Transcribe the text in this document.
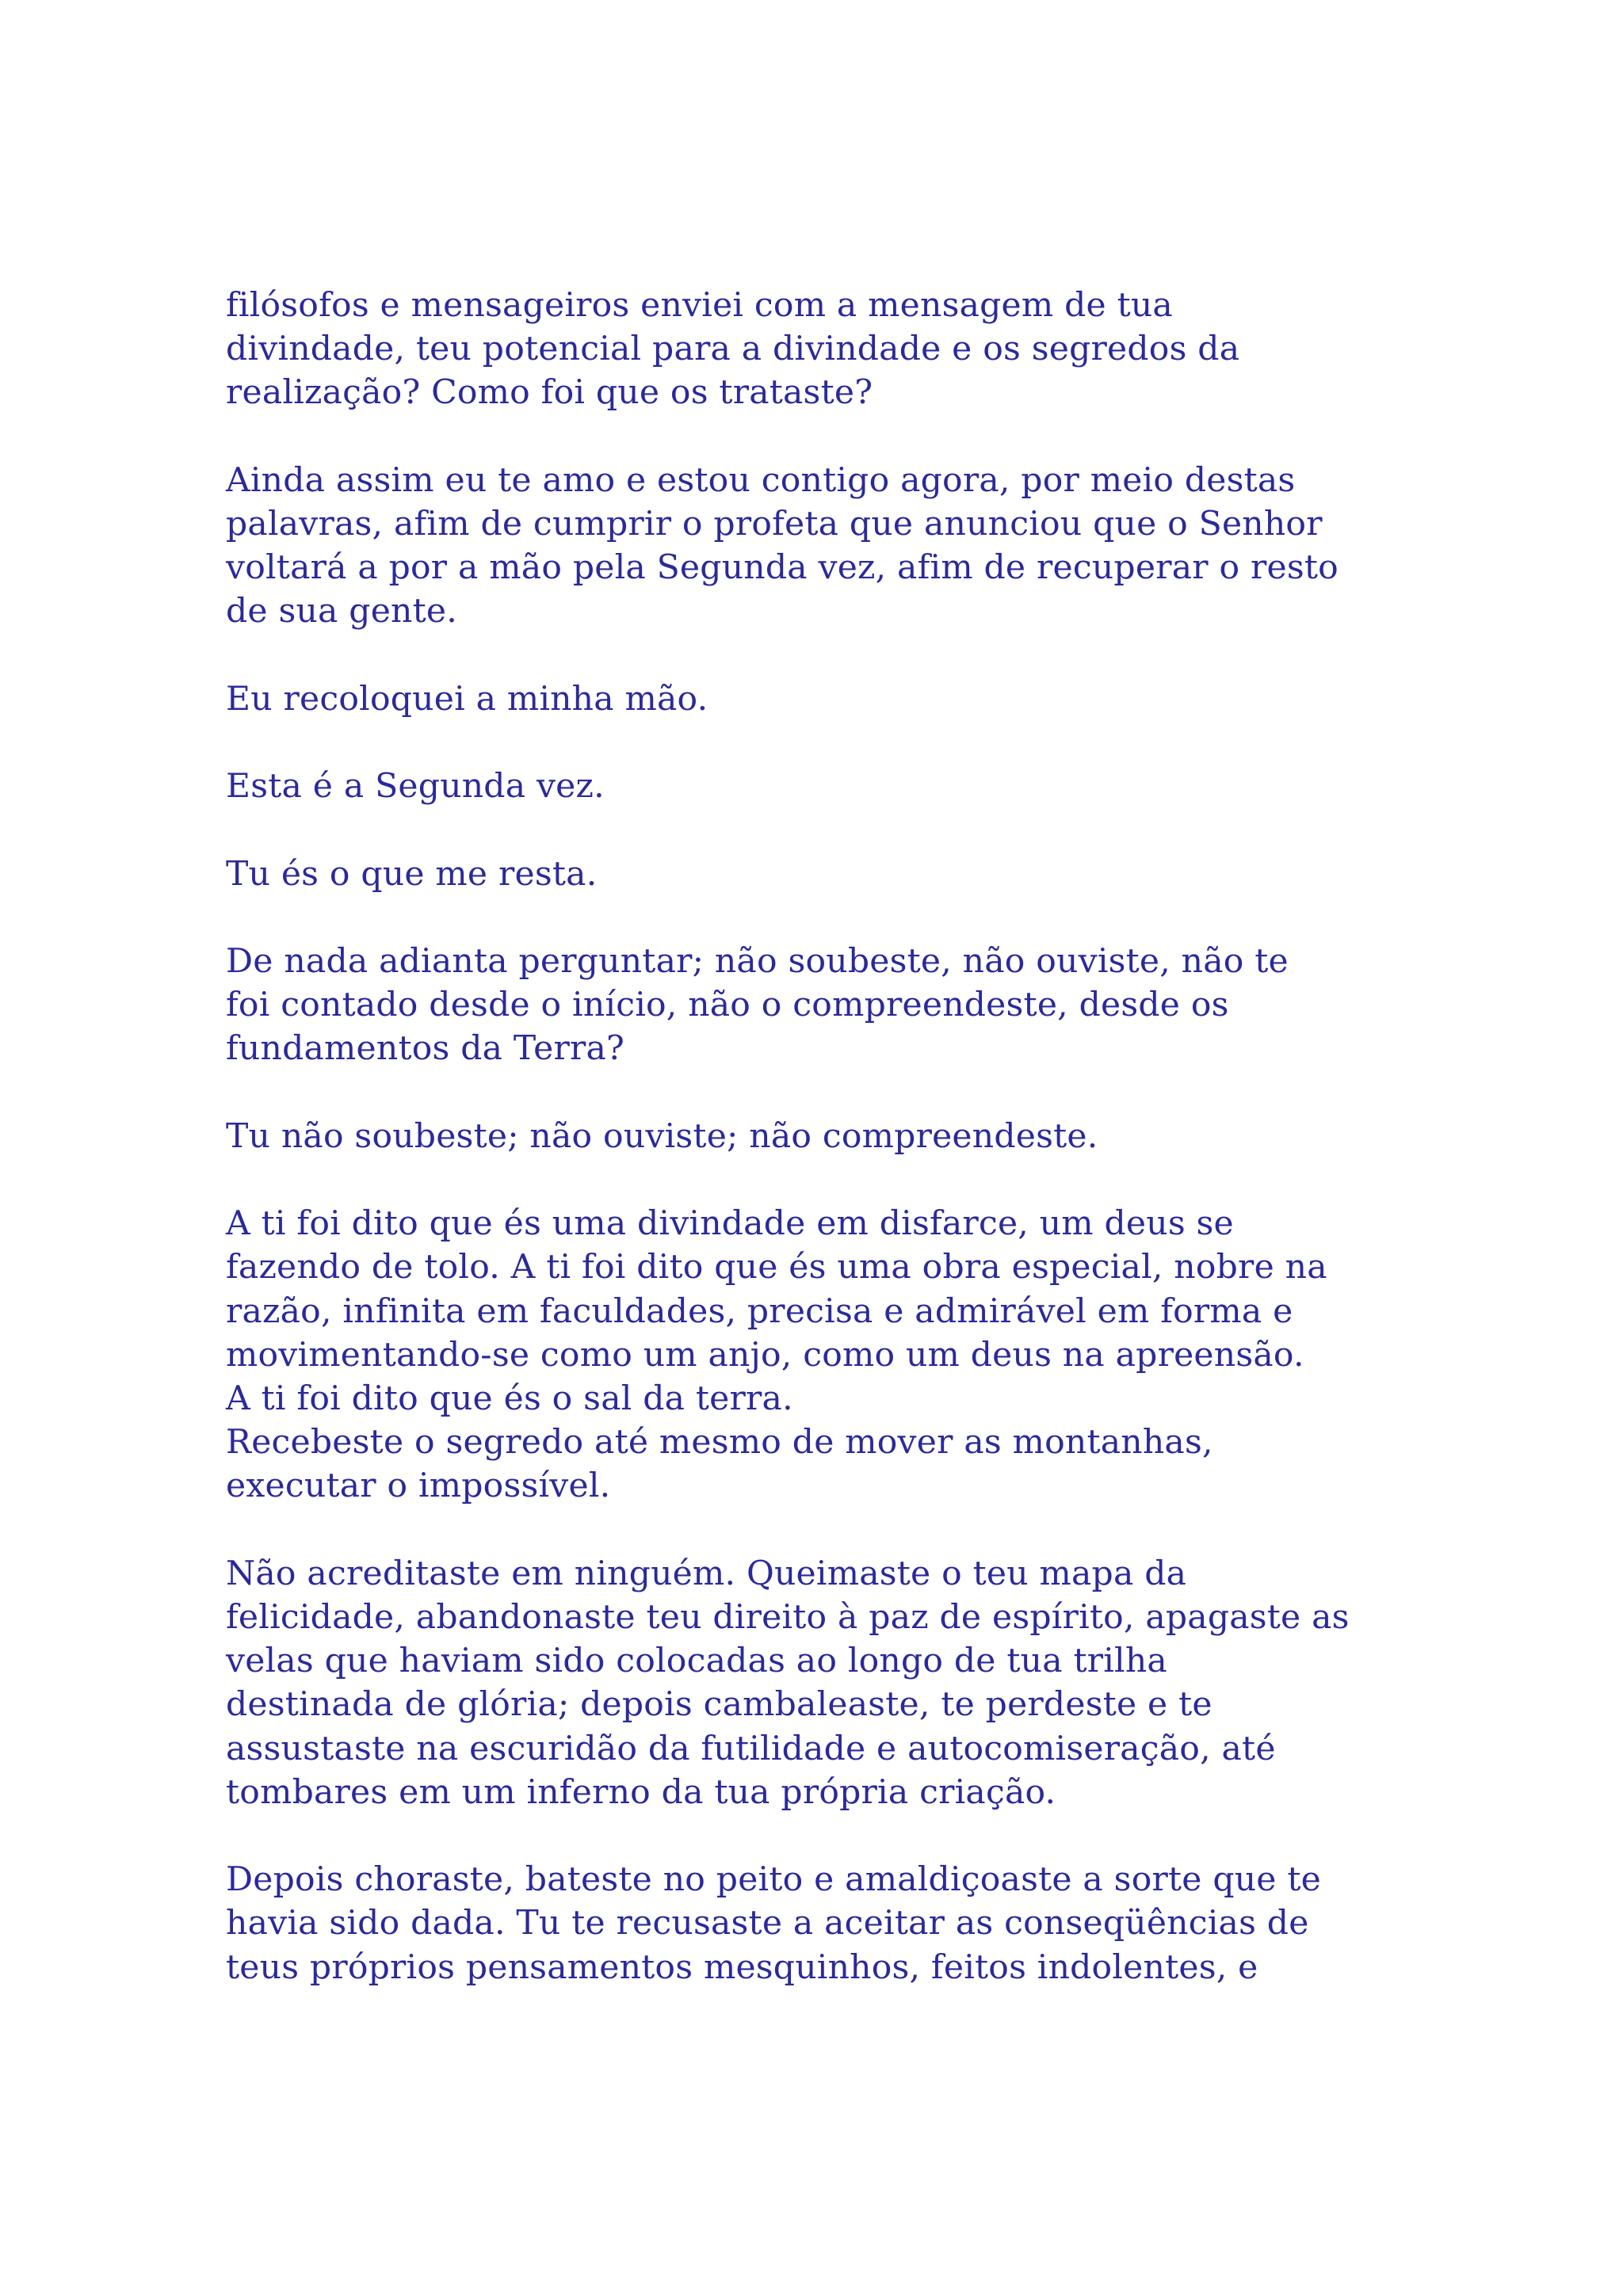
filósofos e mensageiros enviei com a mensagem de tua
divindade, teu potencial para a divindade e os segredos da
realização? Como foi que os trataste?

Ainda assim eu te amo e estou contigo agora, por meio destas
palavras, afim de cumprir o profeta que anunciou que o Senhor
voltará a por a mão pela Segunda vez, afim de recuperar o resto
de sua gente.

Eu recoloquei a minha mão.

Esta é a Segunda vez.

Tu és o que me resta.

De nada adianta perguntar; não soubeste, não ouviste, não te
foi contado desde o início, não o compreendeste, desde os
fundamentos da Terra?

Tu não soubeste; não ouviste; não compreendeste.

A ti foi dito que és uma divindade em disfarce, um deus se
fazendo de tolo. A ti foi dito que és uma obra especial, nobre na
razão, infinita em faculdades, precisa e admirável em forma e
movimentando-se como um anjo, como um deus na apreensão.
A ti foi dito que és o sal da terra.
Recebeste o segredo até mesmo de mover as montanhas,
executar o impossível.

Não acreditaste em ninguém. Queimaste o teu mapa da
felicidade, abandonaste teu direito à paz de espírito, apagaste as
velas que haviam sido colocadas ao longo de tua trilha
destinada de glória; depois cambaleaste, te perdeste e te
assustaste na escuridão da futilidade e autocomiseração, até
tombares em um inferno da tua própria criação.

Depois choraste, bateste no peito e amaldiçoaste a sorte que te
havia sido dada. Tu te recusaste a aceitar as conseqüências de
teus próprios pensamentos mesquinhos, feitos indolentes, e
